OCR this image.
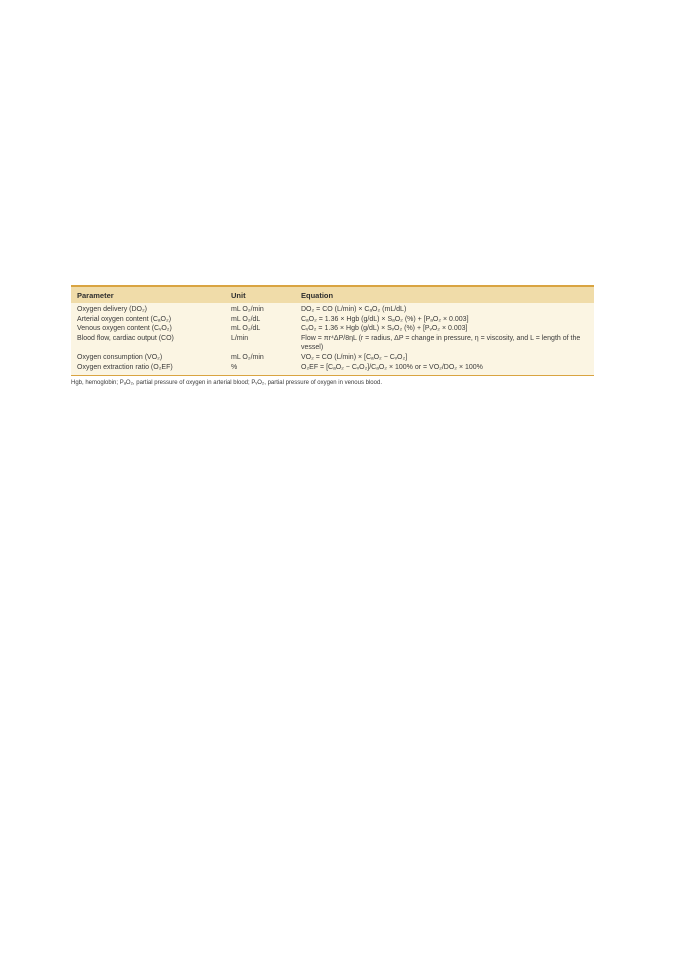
Parameter	Unit	Equation
Oxygen delivery (DO₂)	mL O₂/min	DO₂ = CO (L/min) × CₐO₂ (mL/dL)
Arterial oxygen content (CₐO₂)	mL O₂/dL	CₐO₂ = 1.36 × Hgb (g/dL) × SₐO₂ (%) + [PₐO₂ × 0.003]
Venous oxygen content (CᵥO₂)	mL O₂/dL	CᵥO₂ = 1.36 × Hgb (g/dL) × SᵥO₂ (%) + [PᵥO₂ × 0.003]
Blood flow, cardiac output (CO)	L/min	Flow = πr⁴ΔP/8ηL (r = radius, ΔP = change in pressure, η = viscosity, and L = length of the vessel)
Oxygen consumption (VO₂)	mL O₂/min	VO₂ = CO (L/min) × [CₐO₂ − CᵥO₂]
Oxygen extraction ratio (O₂EF)	%	O₂EF = [CₐO₂ − CᵥO₂]/CₐO₂ × 100% or = VO₂/DO₂ × 100%
Hgb, hemoglobin; PₐO₂, partial pressure of oxygen in arterial blood; PᵥO₂, partial pressure of oxygen in venous blood.
